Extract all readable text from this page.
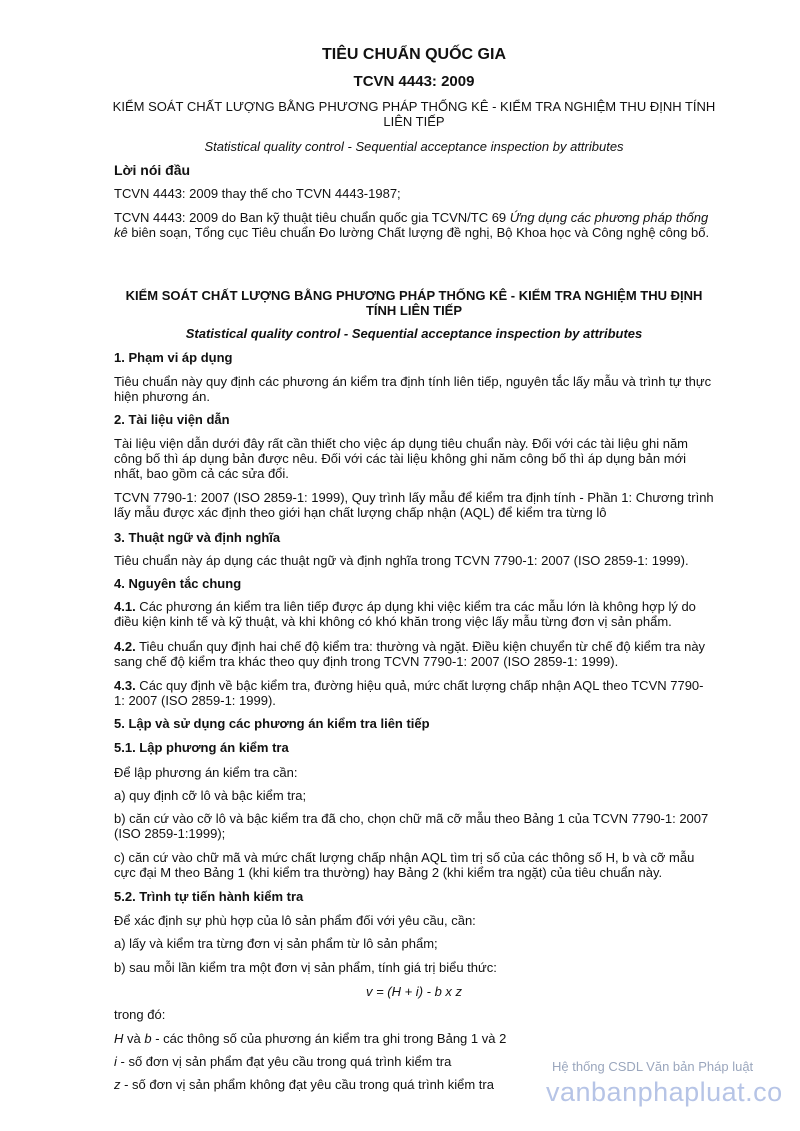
TIÊU CHUẨN QUỐC GIA

TCVN 4443: 2009

KIỂM SOÁT CHẤT LƯỢNG BẰNG PHƯƠNG PHÁP THỐNG KÊ - KIỂM TRA NGHIỆM THU ĐỊNH TÍNH LIÊN TIẾP

Statistical quality control - Sequential acceptance inspection by attributes

Lời nói đầu

TCVN 4443: 2009 thay thế cho TCVN 4443-1987;

TCVN 4443: 2009 do Ban kỹ thuật tiêu chuẩn quốc gia TCVN/TC 69 Ứng dụng các phương pháp thống kê biên soạn, Tổng cục Tiêu chuẩn Đo lường Chất lượng đề nghị, Bộ Khoa học và Công nghệ công bố.

KIỂM SOÁT CHẤT LƯỢNG BẰNG PHƯƠNG PHÁP THỐNG KÊ - KIỂM TRA NGHIỆM THU ĐỊNH TÍNH LIÊN TIẾP

Statistical quality control - Sequential acceptance inspection by attributes

1. Phạm vi áp dụng

Tiêu chuẩn này quy định các phương án kiểm tra định tính liên tiếp, nguyên tắc lấy mẫu và trình tự thực hiện phương án.

2. Tài liệu viện dẫn

Tài liệu viện dẫn dưới đây rất cần thiết cho việc áp dụng tiêu chuẩn này. Đối với các tài liệu ghi năm công bố thì áp dụng bản được nêu. Đối với các tài liệu không ghi năm công bố thì áp dụng bản mới nhất, bao gồm cả các sửa đổi.

TCVN 7790-1: 2007 (ISO 2859-1: 1999), Quy trình lấy mẫu để kiểm tra định tính - Phần 1: Chương trình lấy mẫu được xác định theo giới hạn chất lượng chấp nhận (AQL) để kiểm tra từng lô

3. Thuật ngữ và định nghĩa

Tiêu chuẩn này áp dụng các thuật ngữ và định nghĩa trong TCVN 7790-1: 2007 (ISO 2859-1: 1999).

4. Nguyên tắc chung

4.1. Các phương án kiểm tra liên tiếp được áp dụng khi việc kiểm tra các mẫu lớn là không hợp lý do điều kiện kinh tế và kỹ thuật, và khi không có khó khăn trong việc lấy mẫu từng đơn vị sản phẩm.

4.2. Tiêu chuẩn quy định hai chế độ kiểm tra: thường và ngặt. Điều kiện chuyển từ chế độ kiểm tra này sang chế độ kiểm tra khác theo quy định trong TCVN 7790-1: 2007 (ISO 2859-1: 1999).

4.3. Các quy định về bậc kiểm tra, đường hiệu quả, mức chất lượng chấp nhận AQL theo TCVN 7790-1: 2007 (ISO 2859-1: 1999).

5. Lập và sử dụng các phương án kiểm tra liên tiếp

5.1. Lập phương án kiểm tra

Để lập phương án kiểm tra cần:

a) quy định cỡ lô và bậc kiểm tra;

b) căn cứ vào cỡ lô và bậc kiểm tra đã cho, chọn chữ mã cỡ mẫu theo Bảng 1 của TCVN 7790-1: 2007 (ISO 2859-1:1999);

c) căn cứ vào chữ mã và mức chất lượng chấp nhận AQL tìm trị số của các thông số H, b và cỡ mẫu cực đại M theo Bảng 1 (khi kiểm tra thường) hay Bảng 2 (khi kiểm tra ngặt) của tiêu chuẩn này.

5.2. Trình tự tiến hành kiểm tra

Để xác định sự phù hợp của lô sản phẩm đối với yêu cầu, cần:

a) lấy và kiểm tra từng đơn vị sản phẩm từ lô sản phẩm;

b) sau mỗi lần kiểm tra một đơn vị sản phẩm, tính giá trị biểu thức:

v = (H + i) - b x z

trong đó:

H và b - các thông số của phương án kiểm tra ghi trong Bảng 1 và 2

i - số đơn vị sản phẩm đạt yêu cầu trong quá trình kiểm tra

z - số đơn vị sản phẩm không đạt yêu cầu trong quá trình kiểm tra

Hệ thống CSDL Văn bản Pháp luật
vanbanphapluat.co
